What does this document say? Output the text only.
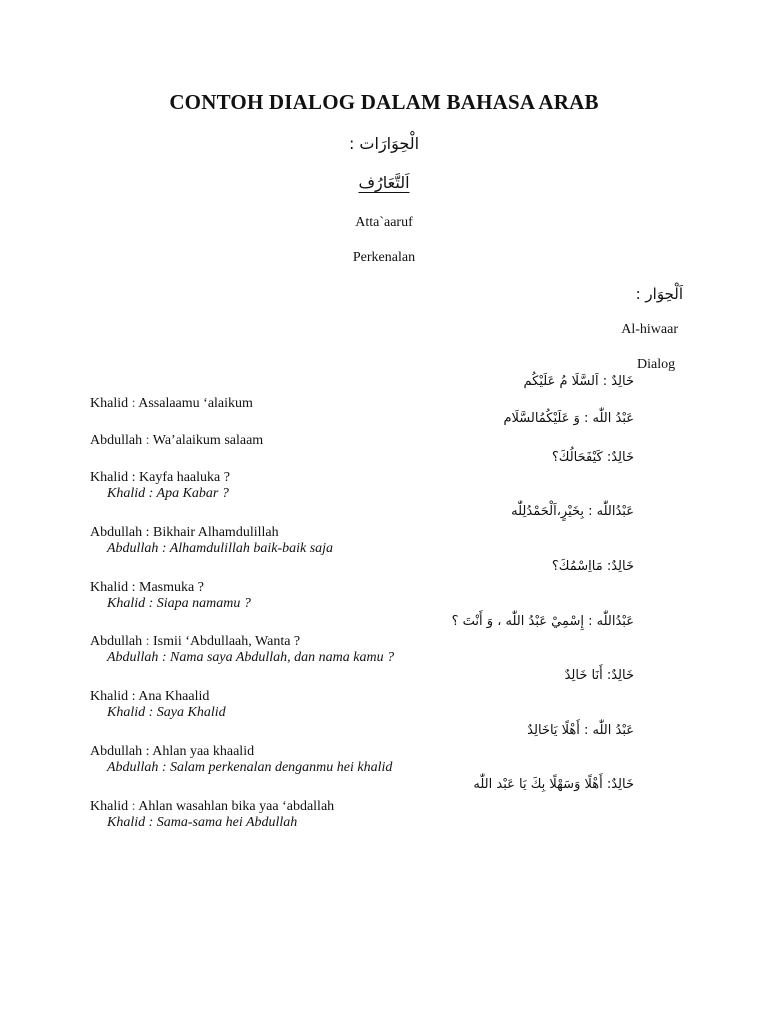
CONTOH DIALOG DALAM BAHASA ARAB
الْحِوَارَات :
اَلتَّعَارُف
Atta`aaruf
Perkenalan
اَلْحِوَار :
Al-hiwaar
Dialog
خَالِدٌ : اَلسَّلَا مُ عَلَيْكُم
عَبْدُ اللّٰه : وَ عَلَيْكُمُالسَّلَام
خَالِدٌ: كَيْفَحَالُكَ؟
عَبْدُاللّٰه : بِخَيْرٍ،اَلْحَمْدُلِلّٰه
خَالِدٌ: مَااِسْمُكَ؟
عَبْدُاللّٰه : إِسْمِيْ عَبْدُ اللّٰه ، وَ أَنْتَ ؟
خَالِدٌ: أَنَا خَالِدٌ
عَبْدُ اللّٰه : أَهْلًا يَاخَالِدٌ
خَالِدٌ: أَهْلًا وَسَهْلًا بِكَ يَا عَبْد اللّٰه
Khalid : Assalaamu ‘alaikum
Abdullah : Wa’alaikum salaam
Khalid : Kayfa haaluka ?
Khalid : Apa Kabar ?
Abdullah : Bikhair Alhamdulillah
Abdullah : Alhamdulillah baik-baik saja
Khalid : Masmuka ?
Khalid : Siapa namamu ?
Abdullah : Ismii ‘Abdullaah, Wanta ?
Abdullah : Nama saya Abdullah, dan nama kamu ?
Khalid : Ana Khaalid
Khalid : Saya Khalid
Abdullah : Ahlan yaa khaalid
Abdullah : Salam perkenalan denganmu hei khalid
Khalid : Ahlan wasahlan bika yaa ‘abdallah
Khalid : Sama-sama hei Abdullah
